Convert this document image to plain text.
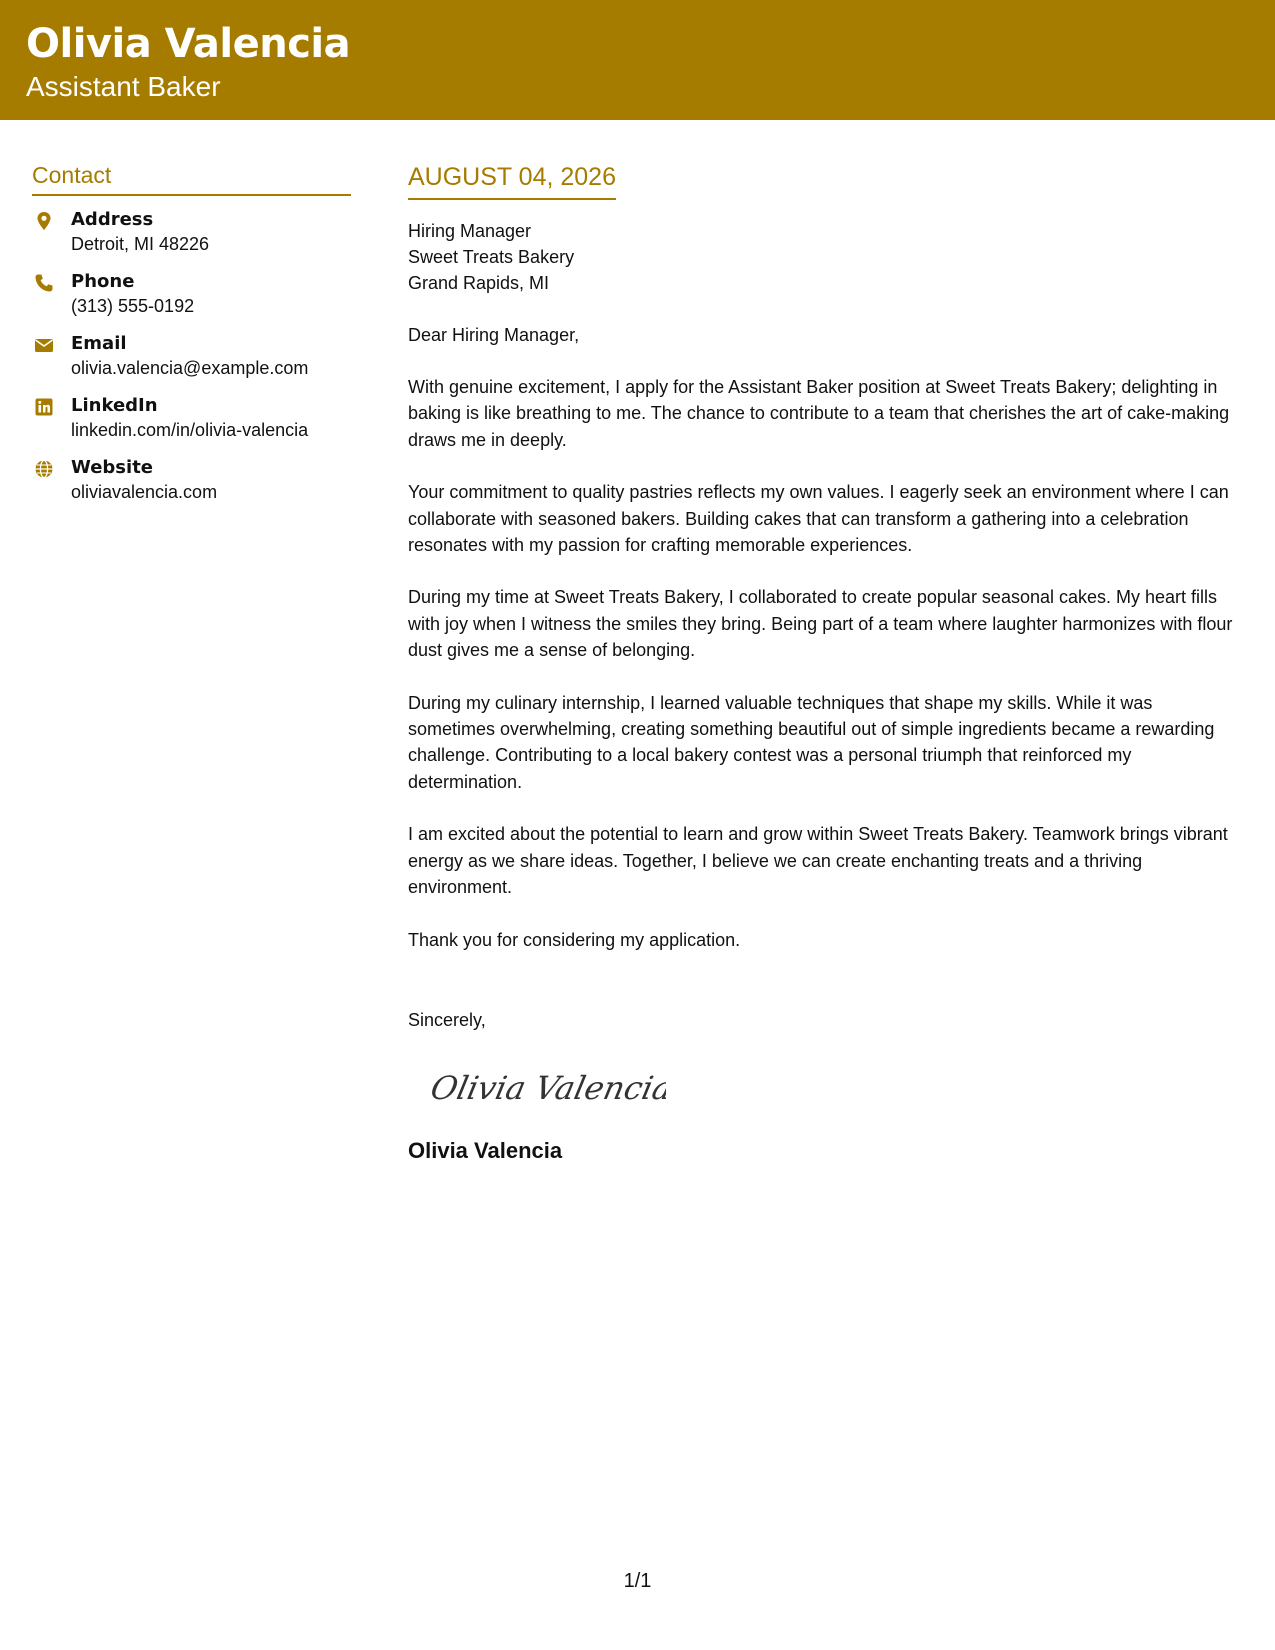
Olivia Valencia
Assistant Baker
Contact
Address
Detroit, MI 48226
Phone
(313) 555-0192
Email
olivia.valencia@example.com
LinkedIn
linkedin.com/in/olivia-valencia
Website
oliviavalencia.com
AUGUST 04, 2026
Hiring Manager
Sweet Treats Bakery
Grand Rapids, MI
Dear Hiring Manager,
With genuine excitement, I apply for the Assistant Baker position at Sweet Treats Bakery; delighting in baking is like breathing to me. The chance to contribute to a team that cherishes the art of cake-making draws me in deeply.
Your commitment to quality pastries reflects my own values. I eagerly seek an environment where I can collaborate with seasoned bakers. Building cakes that can transform a gathering into a celebration resonates with my passion for crafting memorable experiences.
During my time at Sweet Treats Bakery, I collaborated to create popular seasonal cakes. My heart fills with joy when I witness the smiles they bring. Being part of a team where laughter harmonizes with flour dust gives me a sense of belonging.
During my culinary internship, I learned valuable techniques that shape my skills. While it was sometimes overwhelming, creating something beautiful out of simple ingredients became a rewarding challenge. Contributing to a local bakery contest was a personal triumph that reinforced my determination.
I am excited about the potential to learn and grow within Sweet Treats Bakery. Teamwork brings vibrant energy as we share ideas. Together, I believe we can create enchanting treats and a thriving environment.
Thank you for considering my application.
Sincerely,
Olivia Valencia
Olivia Valencia
1/1
